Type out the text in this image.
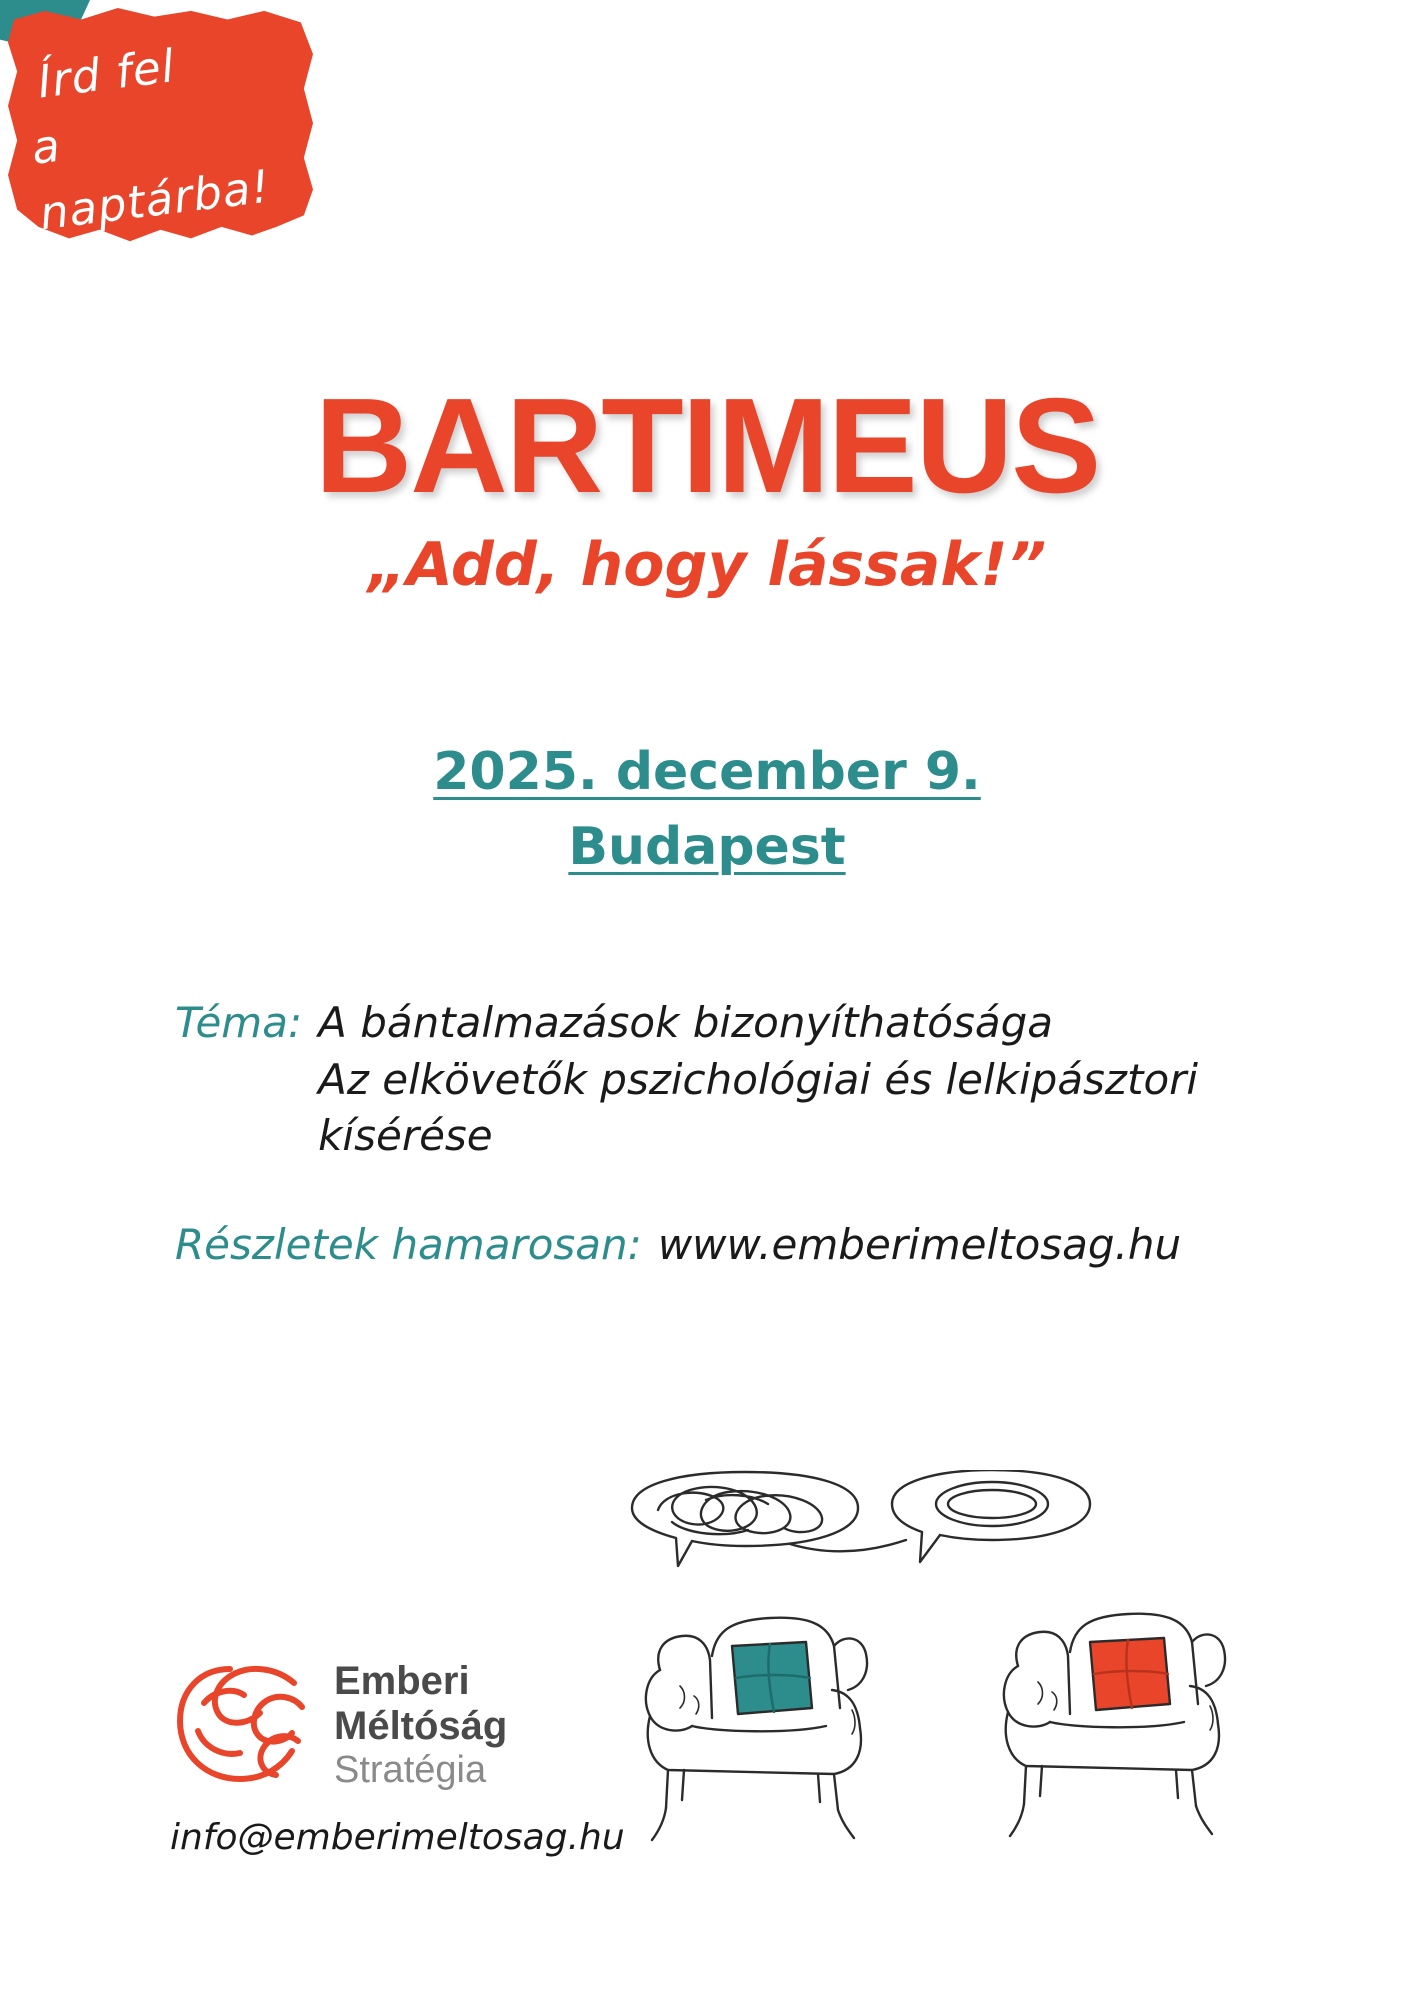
Írd fel
a naptárba!
BARTIMEUS

„Add, hogy lássak!”

2025. december 9.
Budapest
Téma: A bántalmazások bizonyíthatósága
Az elkövetők pszichológiai és lelkipásztori kísérése
Részletek hamarosan: www.emberimeltosag.hu
Emberi
Méltóság
Stratégia
info@emberimeltosag.hu
